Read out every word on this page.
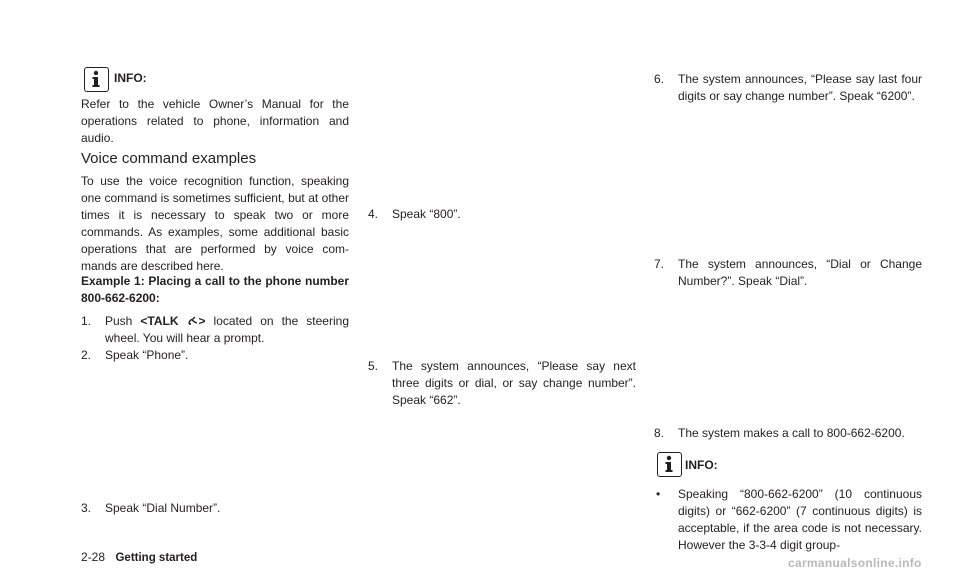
INFO:

Refer to the vehicle Owner’s Manual for the operations related to phone, information and audio.

Voice command examples

To use the voice recognition function, speaking one command is sometimes sufficient, but at other times it is necessary to speak two or more commands. As examples, some additional basic operations that are performed by voice com- mands are described here.

Example 1: Placing a call to the phone number 800-662-6200:

1.	Push <TALK > located on the steering wheel. You will hear a prompt.

2.	Speak “Phone”.

3.	Speak “Dial Number”.

4.	Speak “800”.

5.	The system announces, “Please say next three digits or dial, or say change number”. Speak “662”.

6.	The system announces, “Please say last four digits or say change number”. Speak “6200”.

7.	The system announces, “Dial or Change Number?”. Speak “Dial”.

8.	The system makes a call to 800-662-6200.

INFO:
•	Speaking “800-662-6200” (10 continuous digits) or “662-6200” (7 continuous digits) is acceptable, if the area code is not necessary. However the 3-3-4 digit group-

2-28 Getting started	carmanualsonline.info
